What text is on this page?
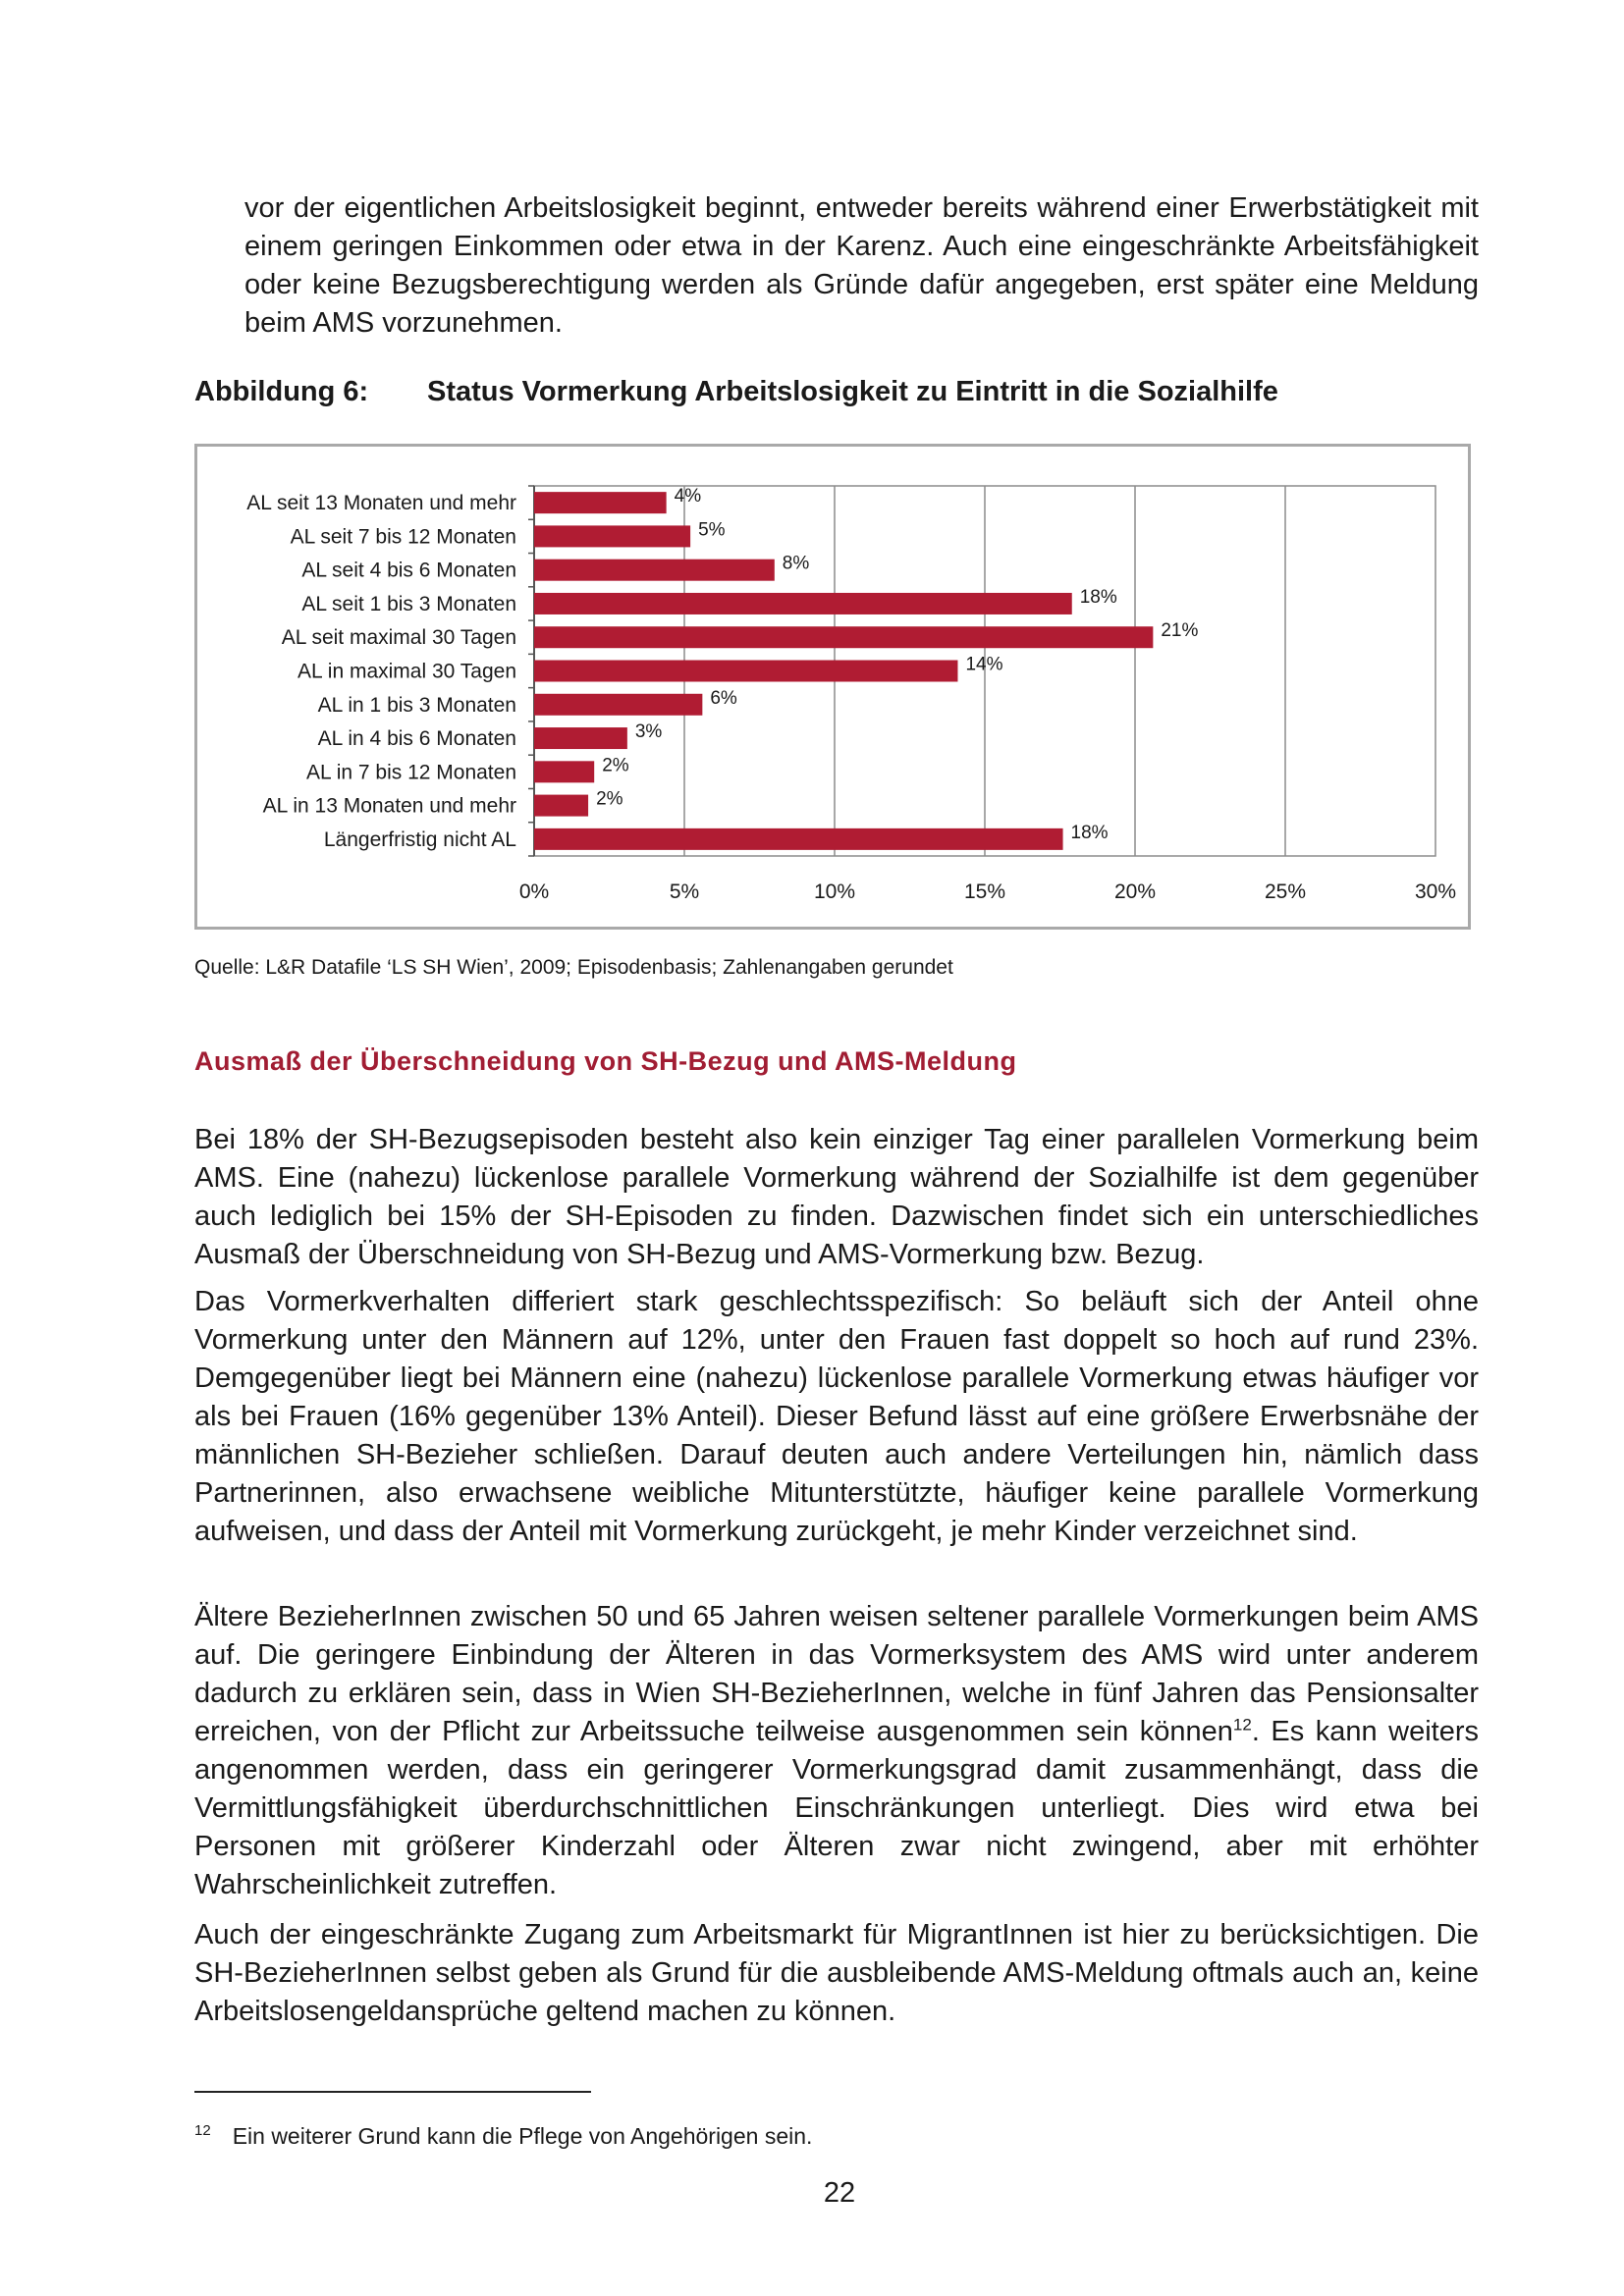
vor der eigentlichen Arbeitslosigkeit beginnt, entweder bereits während einer Erwerbstätigkeit mit einem geringen Einkommen oder etwa in der Karenz. Auch eine eingeschränkte Arbeitsfähigkeit oder keine Bezugsberechtigung werden als Gründe dafür angegeben, erst später eine Meldung beim AMS vorzunehmen.

Abbildung 6: Status Vormerkung Arbeitslosigkeit zu Eintritt in die Sozialhilfe
0%	5%	10%	15%	20%	25%	30%
AL seit 13 Monaten und mehr	4%
AL seit 7 bis 12 Monaten	5%
AL seit 4 bis 6 Monaten	8%
AL seit 1 bis 3 Monaten	18%
AL seit maximal 30 Tagen	21%
AL in maximal 30 Tagen	14%
AL in 1 bis 3 Monaten	6%
AL in 4 bis 6 Monaten	3%
AL in 7 bis 12 Monaten	2%
AL in 13 Monaten und mehr	2%
Längerfristig nicht AL	18%
Quelle: L&R Datafile ‘LS SH Wien’, 2009; Episodenbasis; Zahlenangaben gerundet
Ausmaß der Überschneidung von SH-Bezug und AMS-Meldung

Bei 18% der SH-Bezugsepisoden besteht also kein einziger Tag einer parallelen Vormerkung beim AMS. Eine (nahezu) lückenlose parallele Vormerkung während der Sozialhilfe ist dem gegenüber auch lediglich bei 15% der SH-Episoden zu finden. Dazwischen findet sich ein unterschiedliches Ausmaß der Überschneidung von SH-Bezug und AMS-Vormerkung bzw. Bezug.

Das Vormerkverhalten differiert stark geschlechtsspezifisch: So beläuft sich der Anteil ohne Vormerkung unter den Männern auf 12%, unter den Frauen fast doppelt so hoch auf rund 23%. Demgegenüber liegt bei Männern eine (nahezu) lückenlose parallele Vormerkung etwas häufiger vor als bei Frauen (16% gegenüber 13% Anteil). Dieser Befund lässt auf eine größere Erwerbsnähe der männlichen SH-Bezieher schließen. Darauf deuten auch andere Verteilungen hin, nämlich dass Partnerinnen, also erwachsene weibliche Mitunterstützte, häufiger keine parallele Vormerkung aufweisen, und dass der Anteil mit Vormerkung zurückgeht, je mehr Kinder verzeichnet sind.

Ältere BezieherInnen zwischen 50 und 65 Jahren weisen seltener parallele Vormerkungen beim AMS auf. Die geringere Einbindung der Älteren in das Vormerksystem des AMS wird unter anderem dadurch zu erklären sein, dass in Wien SH-BezieherInnen, welche in fünf Jahren das Pensionsalter erreichen, von der Pflicht zur Arbeitssuche teilweise ausgenommen sein können$^{12}$. Es kann weiters angenommen werden, dass ein geringerer Vormerkungsgrad damit zusammenhängt, dass die Vermittlungsfähigkeit überdurchschnittlichen Einschränkungen unterliegt. Dies wird etwa bei Personen mit größerer Kinderzahl oder Älteren zwar nicht zwingend, aber mit erhöhter Wahrscheinlichkeit zutreffen.

Auch der eingeschränkte Zugang zum Arbeitsmarkt für MigrantInnen ist hier zu berücksichtigen. Die SH-BezieherInnen selbst geben als Grund für die ausbleibende AMS-Meldung oftmals auch an, keine Arbeitslosengeldansprüche geltend machen zu können.

$^{12}$ Ein weiterer Grund kann die Pflege von Angehörigen sein.
22
